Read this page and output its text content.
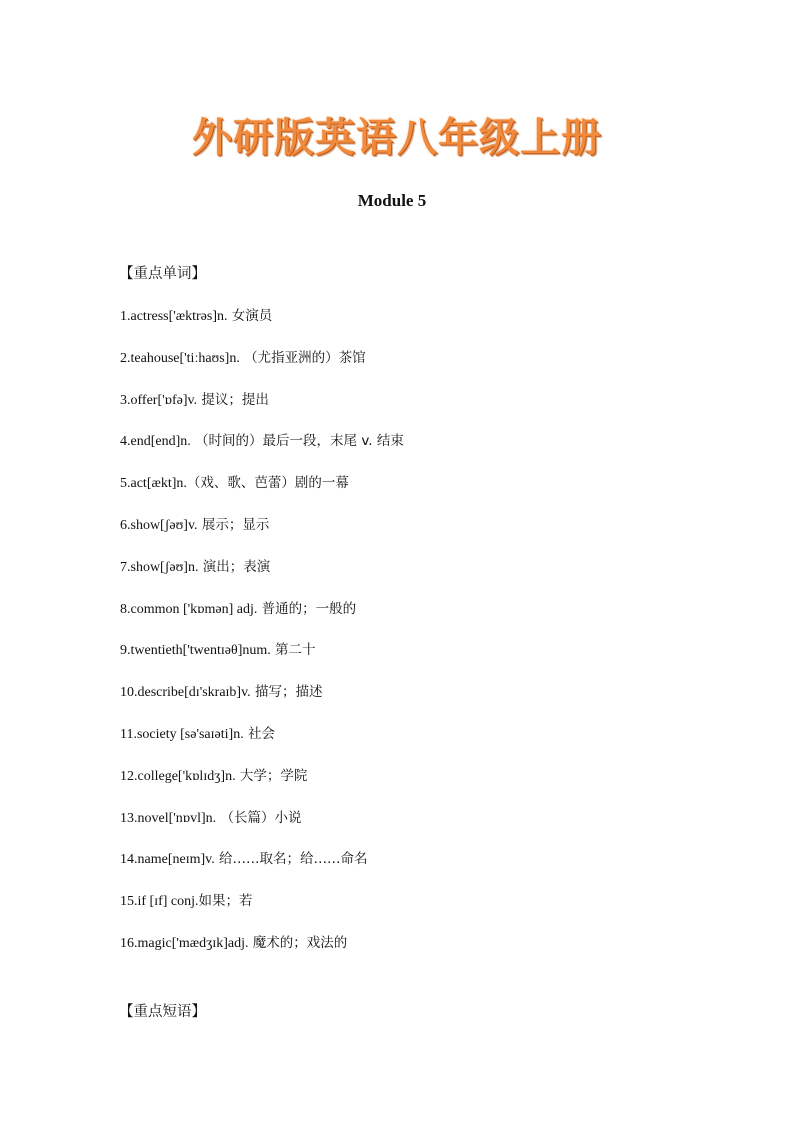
外研版英语八年级上册
Module 5
【重点单词】
1.actress['æktrəs]n. 女演员
2.teahouse['tiːhaʊs]n. （尤指亚洲的）茶馆
3.offer['ɒfə]v. 提议；提出
4.end[end]n. （时间的）最后一段，末尾 v. 结束
5.act[ækt]n.（戏、歌、芭蕾）剧的一幕
6.show[ʃəʊ]v. 展示；显示
7.show[ʃəʊ]n. 演出；表演
8.common ['kɒmən] adj. 普通的；一般的
9.twentieth['twentɪəθ]num. 第二十
10.describe[dɪ'skraɪb]v. 描写；描述
11.society [sə'saɪəti]n. 社会
12.college['kɒlɪdʒ]n. 大学；学院
13.novel['nɒvl]n. （长篇）小说
14.name[neɪm]v. 给……取名；给……命名
15.if [ɪf] conj.如果；若
16.magic['mædʒɪk]adj. 魔术的；戏法的
【重点短语】
